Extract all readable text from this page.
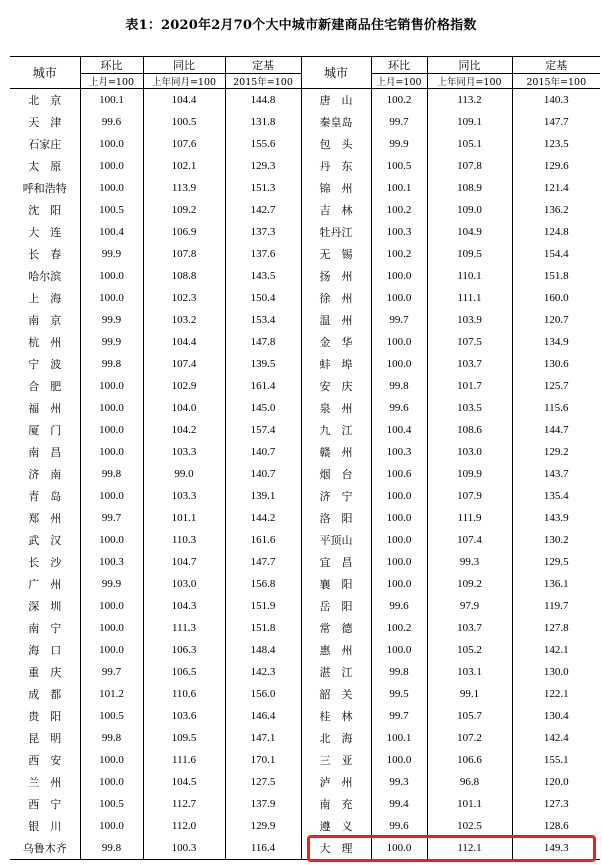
表1：2020年2月70个大中城市新建商品住宅销售价格指数
城市	环比	同比	定基	城市	环比	同比	定基
	上月=100	上年同月=100	2015年=100		上月=100	上年同月=100	2015年=100
北　京	100.1	104.4	144.8	唐　山	100.2	113.2	140.3
天　津	99.6	100.5	131.8	秦皇岛	99.7	109.1	147.7
石家庄	100.0	107.6	155.6	包　头	99.9	105.1	123.5
太　原	100.0	102.1	129.3	丹　东	100.5	107.8	129.6
呼和浩特	100.0	113.9	151.3	锦　州	100.1	108.9	121.4
沈　阳	100.5	109.2	142.7	吉　林	100.2	109.0	136.2
大　连	100.4	106.9	137.3	牡丹江	100.3	104.9	124.8
长　春	99.9	107.8	137.6	无　锡	100.2	109.5	154.4
哈尔滨	100.0	108.8	143.5	扬　州	100.0	110.1	151.8
上　海	100.0	102.3	150.4	徐　州	100.0	111.1	160.0
南　京	99.9	103.2	153.4	温　州	99.7	103.9	120.7
杭　州	99.9	104.4	147.8	金　华	100.0	107.5	134.9
宁　波	99.8	107.4	139.5	蚌　埠	100.0	103.7	130.6
合　肥	100.0	102.9	161.4	安　庆	99.8	101.7	125.7
福　州	100.0	104.0	145.0	泉　州	99.6	103.5	115.6
厦　门	100.0	104.2	157.4	九　江	100.4	108.6	144.7
南　昌	100.0	103.3	140.7	赣　州	100.3	103.0	129.2
济　南	99.8	99.0	140.7	烟　台	100.6	109.9	143.7
青　岛	100.0	103.3	139.1	济　宁	100.0	107.9	135.4
郑　州	99.7	101.1	144.2	洛　阳	100.0	111.9	143.9
武　汉	100.0	110.3	161.6	平顶山	100.0	107.4	130.2
长　沙	100.3	104.7	147.7	宜　昌	100.0	99.3	129.5
广　州	99.9	103.0	156.8	襄　阳	100.0	109.2	136.1
深　圳	100.0	104.3	151.9	岳　阳	99.6	97.9	119.7
南　宁	100.0	111.3	151.8	常　德	100.2	103.7	127.8
海　口	100.0	106.3	148.4	惠　州	100.0	105.2	142.1
重　庆	99.7	106.5	142.3	湛　江	99.8	103.1	130.0
成　都	101.2	110.6	156.0	韶　关	99.5	99.1	122.1
贵　阳	100.5	103.6	146.4	桂　林	99.7	105.7	130.4
昆　明	99.8	109.5	147.1	北　海	100.1	107.2	142.4
西　安	100.0	111.6	170.1	三　亚	100.0	106.6	155.1
兰　州	100.0	104.5	127.5	泸　州	99.3	96.8	120.0
西　宁	100.5	112.7	137.9	南　充	99.4	101.1	127.3
银　川	100.0	112.0	129.9	遵　义	99.6	102.5	128.6
乌鲁木齐	99.8	100.3	116.4	大　理	100.0	112.1	149.3
